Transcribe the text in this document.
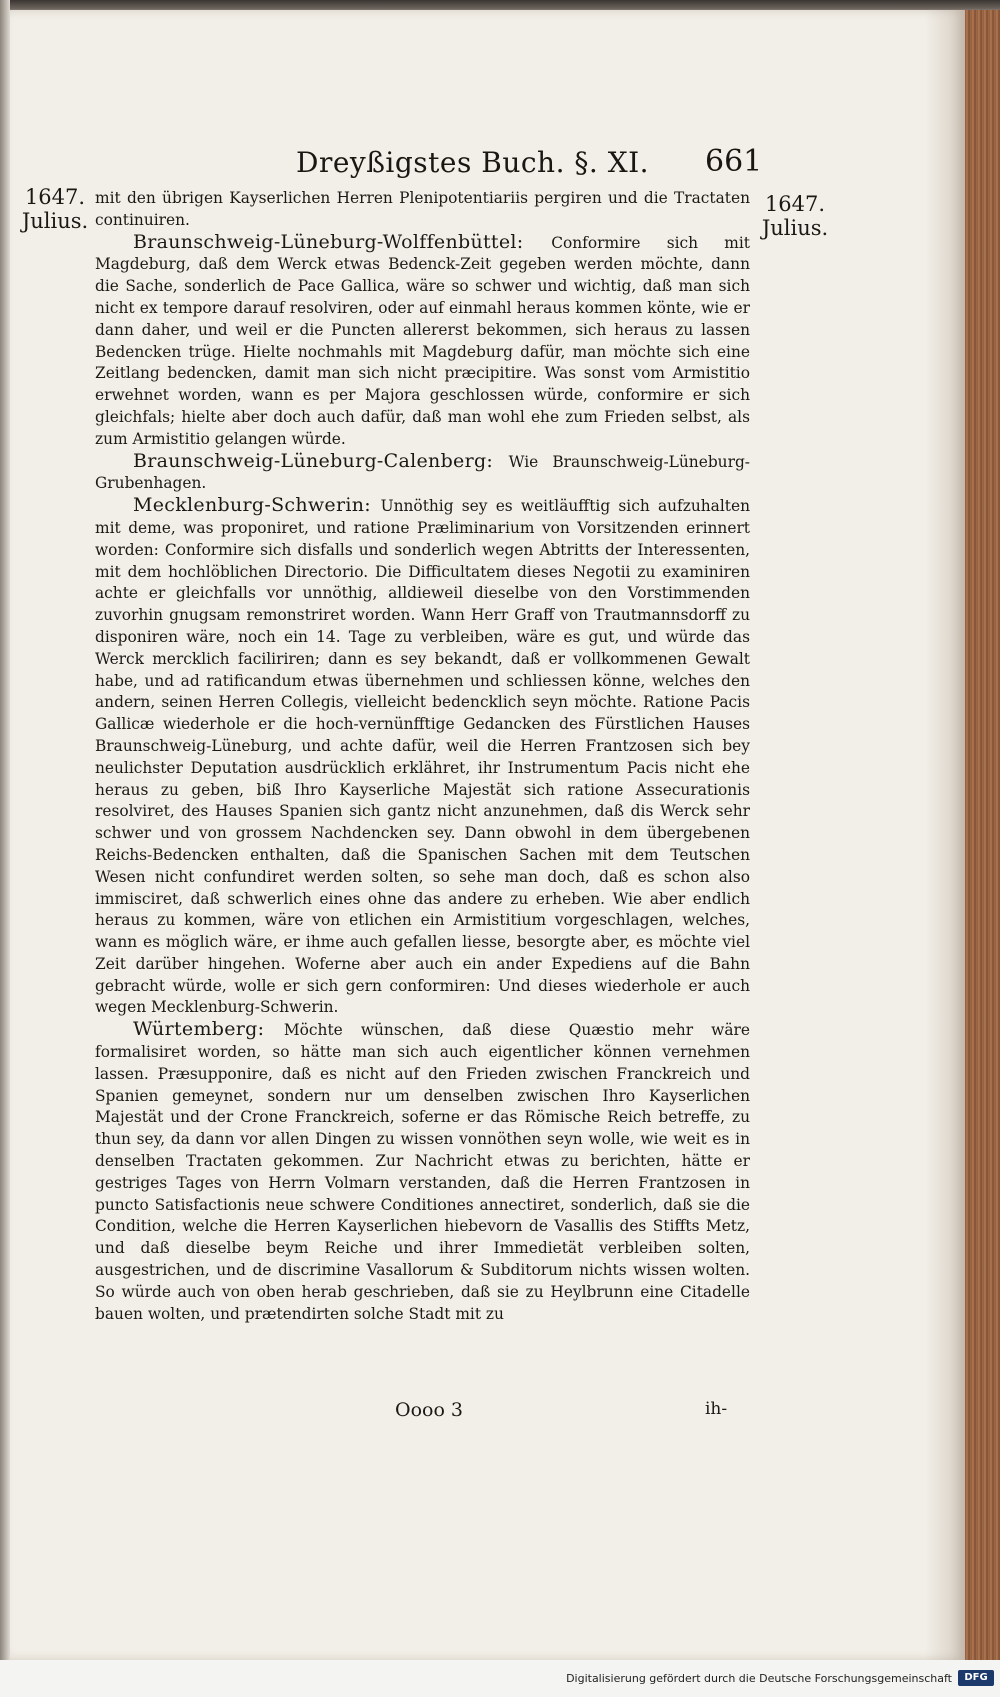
Dreyßigstes Buch. §. XI. 661
1647.
Julius.
1647.
Julius.

mit den übrigen Kayserlichen Herren Plenipotentiariis pergiren und die Tractaten continuiren.

Braunschweig-Lüneburg-Wolffenbüttel: Conformire sich mit Magdeburg, daß dem Werck etwas Bedenck-Zeit gegeben werden möchte, dann die Sache, sonderlich de Pace Gallica, wäre so schwer und wichtig, daß man sich nicht ex tempore darauf resolviren, oder auf einmahl heraus kommen könte, wie er dann daher, und weil er die Puncten allererst bekommen, sich heraus zu lassen Bedencken trüge. Hielte nochmahls mit Magdeburg dafür, man möchte sich eine Zeitlang bedencken, damit man sich nicht præcipitire. Was sonst vom Armistitio erwehnet worden, wann es per Majora geschlossen würde, conformire er sich gleichfals; hielte aber doch auch dafür, daß man wohl ehe zum Frieden selbst, als zum Armistitio gelangen würde.

Braunschweig-Lüneburg-Calenberg: Wie Braunschweig-Lüneburg-Grubenhagen.

Mecklenburg-Schwerin: Unnöthig sey es weitläufftig sich aufzuhalten mit deme, was proponiret, und ratione Præliminarium von Vorsitzenden erinnert worden: Conformire sich disfalls und sonderlich wegen Abtritts der Interessenten, mit dem hochlöblichen Directorio. Die Difficultatem dieses Negotii zu examiniren achte er gleichfalls vor unnöthig, alldieweil dieselbe von den Vorstimmenden zuvorhin gnugsam remonstriret worden. Wann Herr Graff von Trautmannsdorff zu disponiren wäre, noch ein 14. Tage zu verbleiben, wäre es gut, und würde das Werck mercklich faciliriren; dann es sey bekandt, daß er vollkommenen Gewalt habe, und ad ratificandum etwas übernehmen und schliessen könne, welches den andern, seinen Herren Collegis, vielleicht bedencklich seyn möchte. Ratione Pacis Gallicæ wiederhole er die hoch-vernünfftige Gedancken des Fürstlichen Hauses Braunschweig-Lüneburg, und achte dafür, weil die Herren Frantzosen sich bey neulichster Deputation ausdrücklich erklähret, ihr Instrumentum Pacis nicht ehe heraus zu geben, biß Ihro Kayserliche Majestät sich ratione Assecurationis resolviret, des Hauses Spanien sich gantz nicht anzunehmen, daß dis Werck sehr schwer und von grossem Nachdencken sey. Dann obwohl in dem übergebenen Reichs-Bedencken enthalten, daß die Spanischen Sachen mit dem Teutschen Wesen nicht confundiret werden solten, so sehe man doch, daß es schon also immisciret, daß schwerlich eines ohne das andere zu erheben. Wie aber endlich heraus zu kommen, wäre von etlichen ein Armistitium vorgeschlagen, welches, wann es möglich wäre, er ihme auch gefallen liesse, besorgte aber, es möchte viel Zeit darüber hingehen. Woferne aber auch ein ander Expediens auf die Bahn gebracht würde, wolle er sich gern conformiren: Und dieses wiederhole er auch wegen Mecklenburg-Schwerin.

Würtemberg: Möchte wünschen, daß diese Quæstio mehr wäre formalisiret worden, so hätte man sich auch eigentlicher können vernehmen lassen. Præsupponire, daß es nicht auf den Frieden zwischen Franckreich und Spanien gemeynet, sondern nur um denselben zwischen Ihro Kayserlichen Majestät und der Crone Franckreich, soferne er das Römische Reich betreffe, zu thun sey, da dann vor allen Dingen zu wissen vonnöthen seyn wolle, wie weit es in denselben Tractaten gekommen. Zur Nachricht etwas zu berichten, hätte er gestriges Tages von Herrn Volmarn verstanden, daß die Herren Frantzosen in puncto Satisfactionis neue schwere Conditiones annectiret, sonderlich, daß sie die Condition, welche die Herren Kayserlichen hiebevorn de Vasallis des Stiffts Metz, und daß dieselbe beym Reiche und ihrer Immedietät verbleiben solten, ausgestrichen, und de discrimine Vasallorum & Subditorum nichts wissen wolten. So würde auch von oben herab geschrieben, daß sie zu Heylbrunn eine Citadelle bauen wolten, und prætendirten solche Stadt mit zu

Oooo 3	ih-
Digitalisierung gefördert durch die Deutsche Forschungsgemeinschaft	DFG
